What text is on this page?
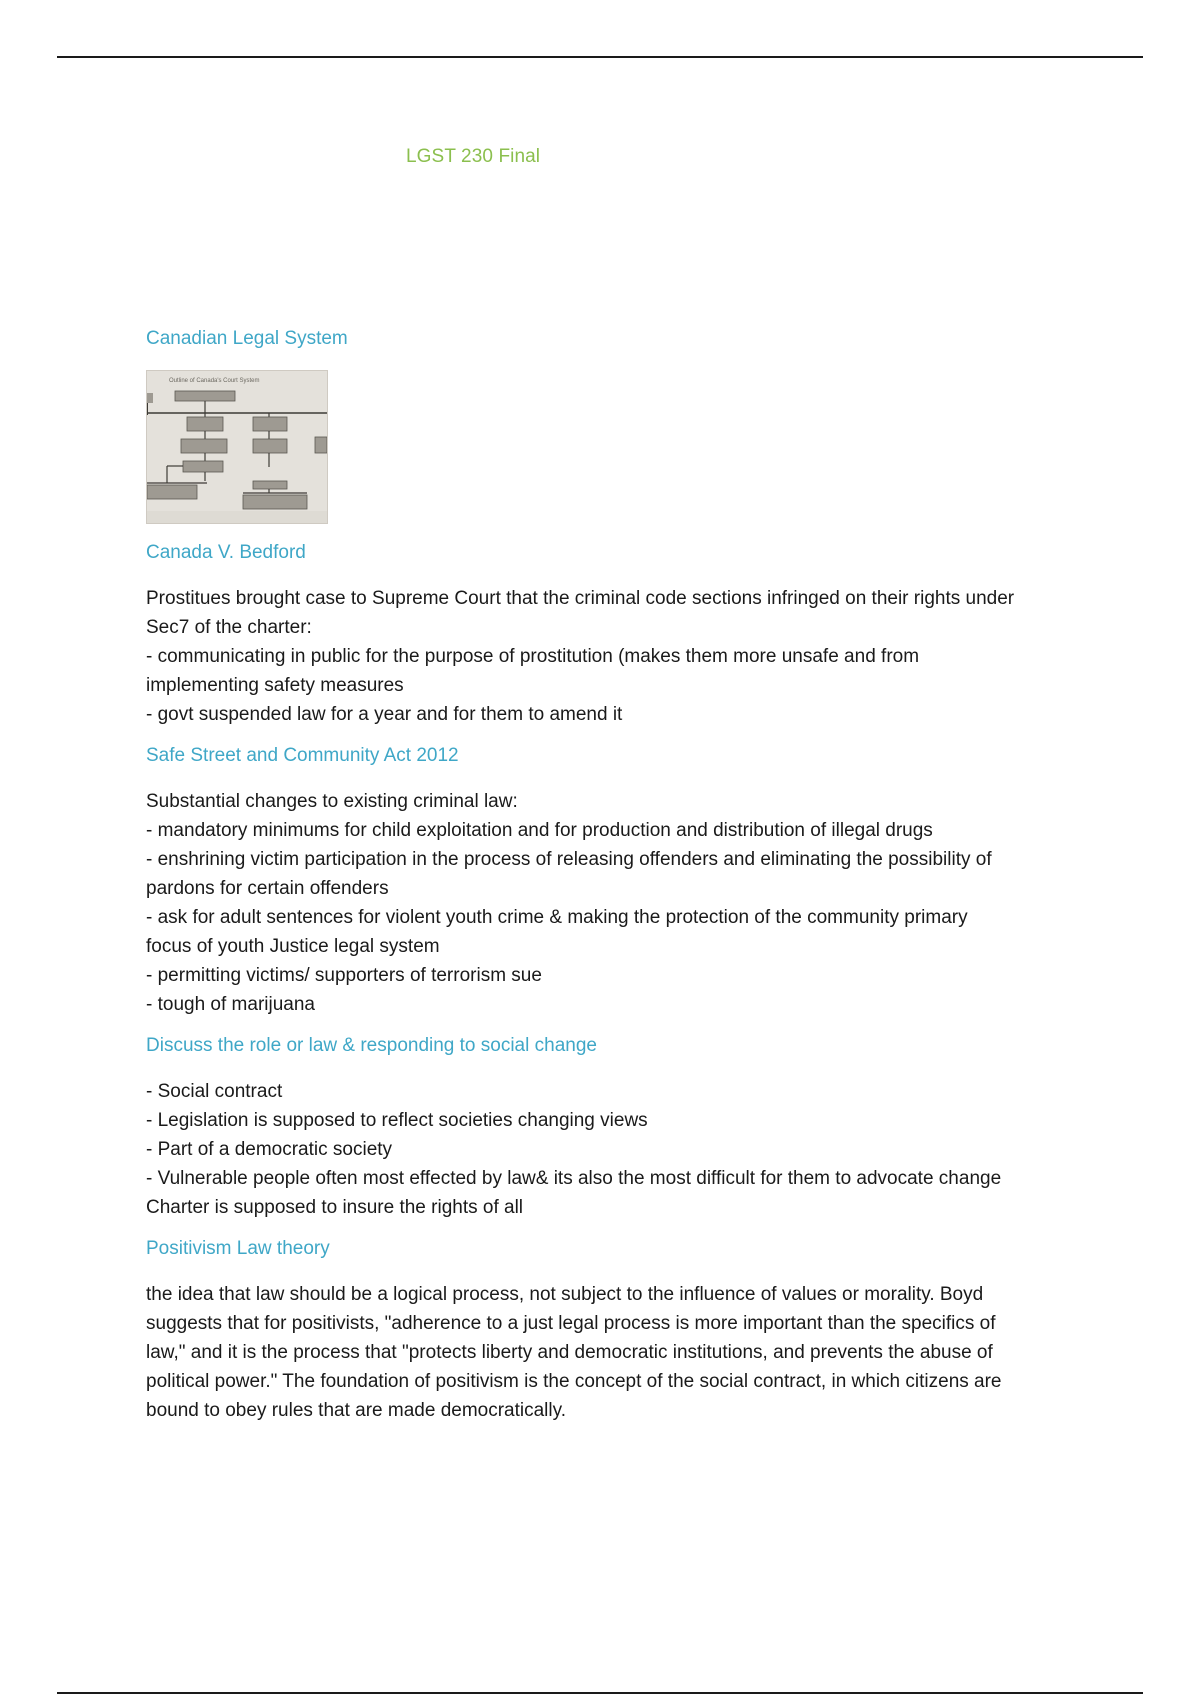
LGST 230 Final
Canadian Legal System
Outline of Canada's Court System
Canada V. Bedford
Prostitues brought case to Supreme Court that the criminal code sections infringed on their rights under
Sec7 of the charter:
- communicating in public for the purpose of prostitution (makes them more unsafe and from
implementing safety measures
- govt suspended law for a year and for them to amend it
Safe Street and Community Act 2012
Substantial changes to existing criminal law:
- mandatory minimums for child exploitation and for production and distribution of illegal drugs
- enshrining victim participation in the process of releasing offenders and eliminating the possibility of
pardons for certain offenders
- ask for adult sentences for violent youth crime & making the protection of the community primary
focus of youth Justice legal system
- permitting victims/ supporters of terrorism sue
- tough of marijuana
Discuss the role or law & responding to social change
- Social contract
- Legislation is supposed to reflect societies changing views
- Part of a democratic society
- Vulnerable people often most effected by law& its also the most difficult for them to advocate change
Charter is supposed to insure the rights of all
Positivism Law theory
the idea that law should be a logical process, not subject to the influence of values or morality. Boyd
suggests that for positivists, "adherence to a just legal process is more important than the specifics of
law," and it is the process that "protects liberty and democratic institutions, and prevents the abuse of
political power." The foundation of positivism is the concept of the social contract, in which citizens are
bound to obey rules that are made democratically.
